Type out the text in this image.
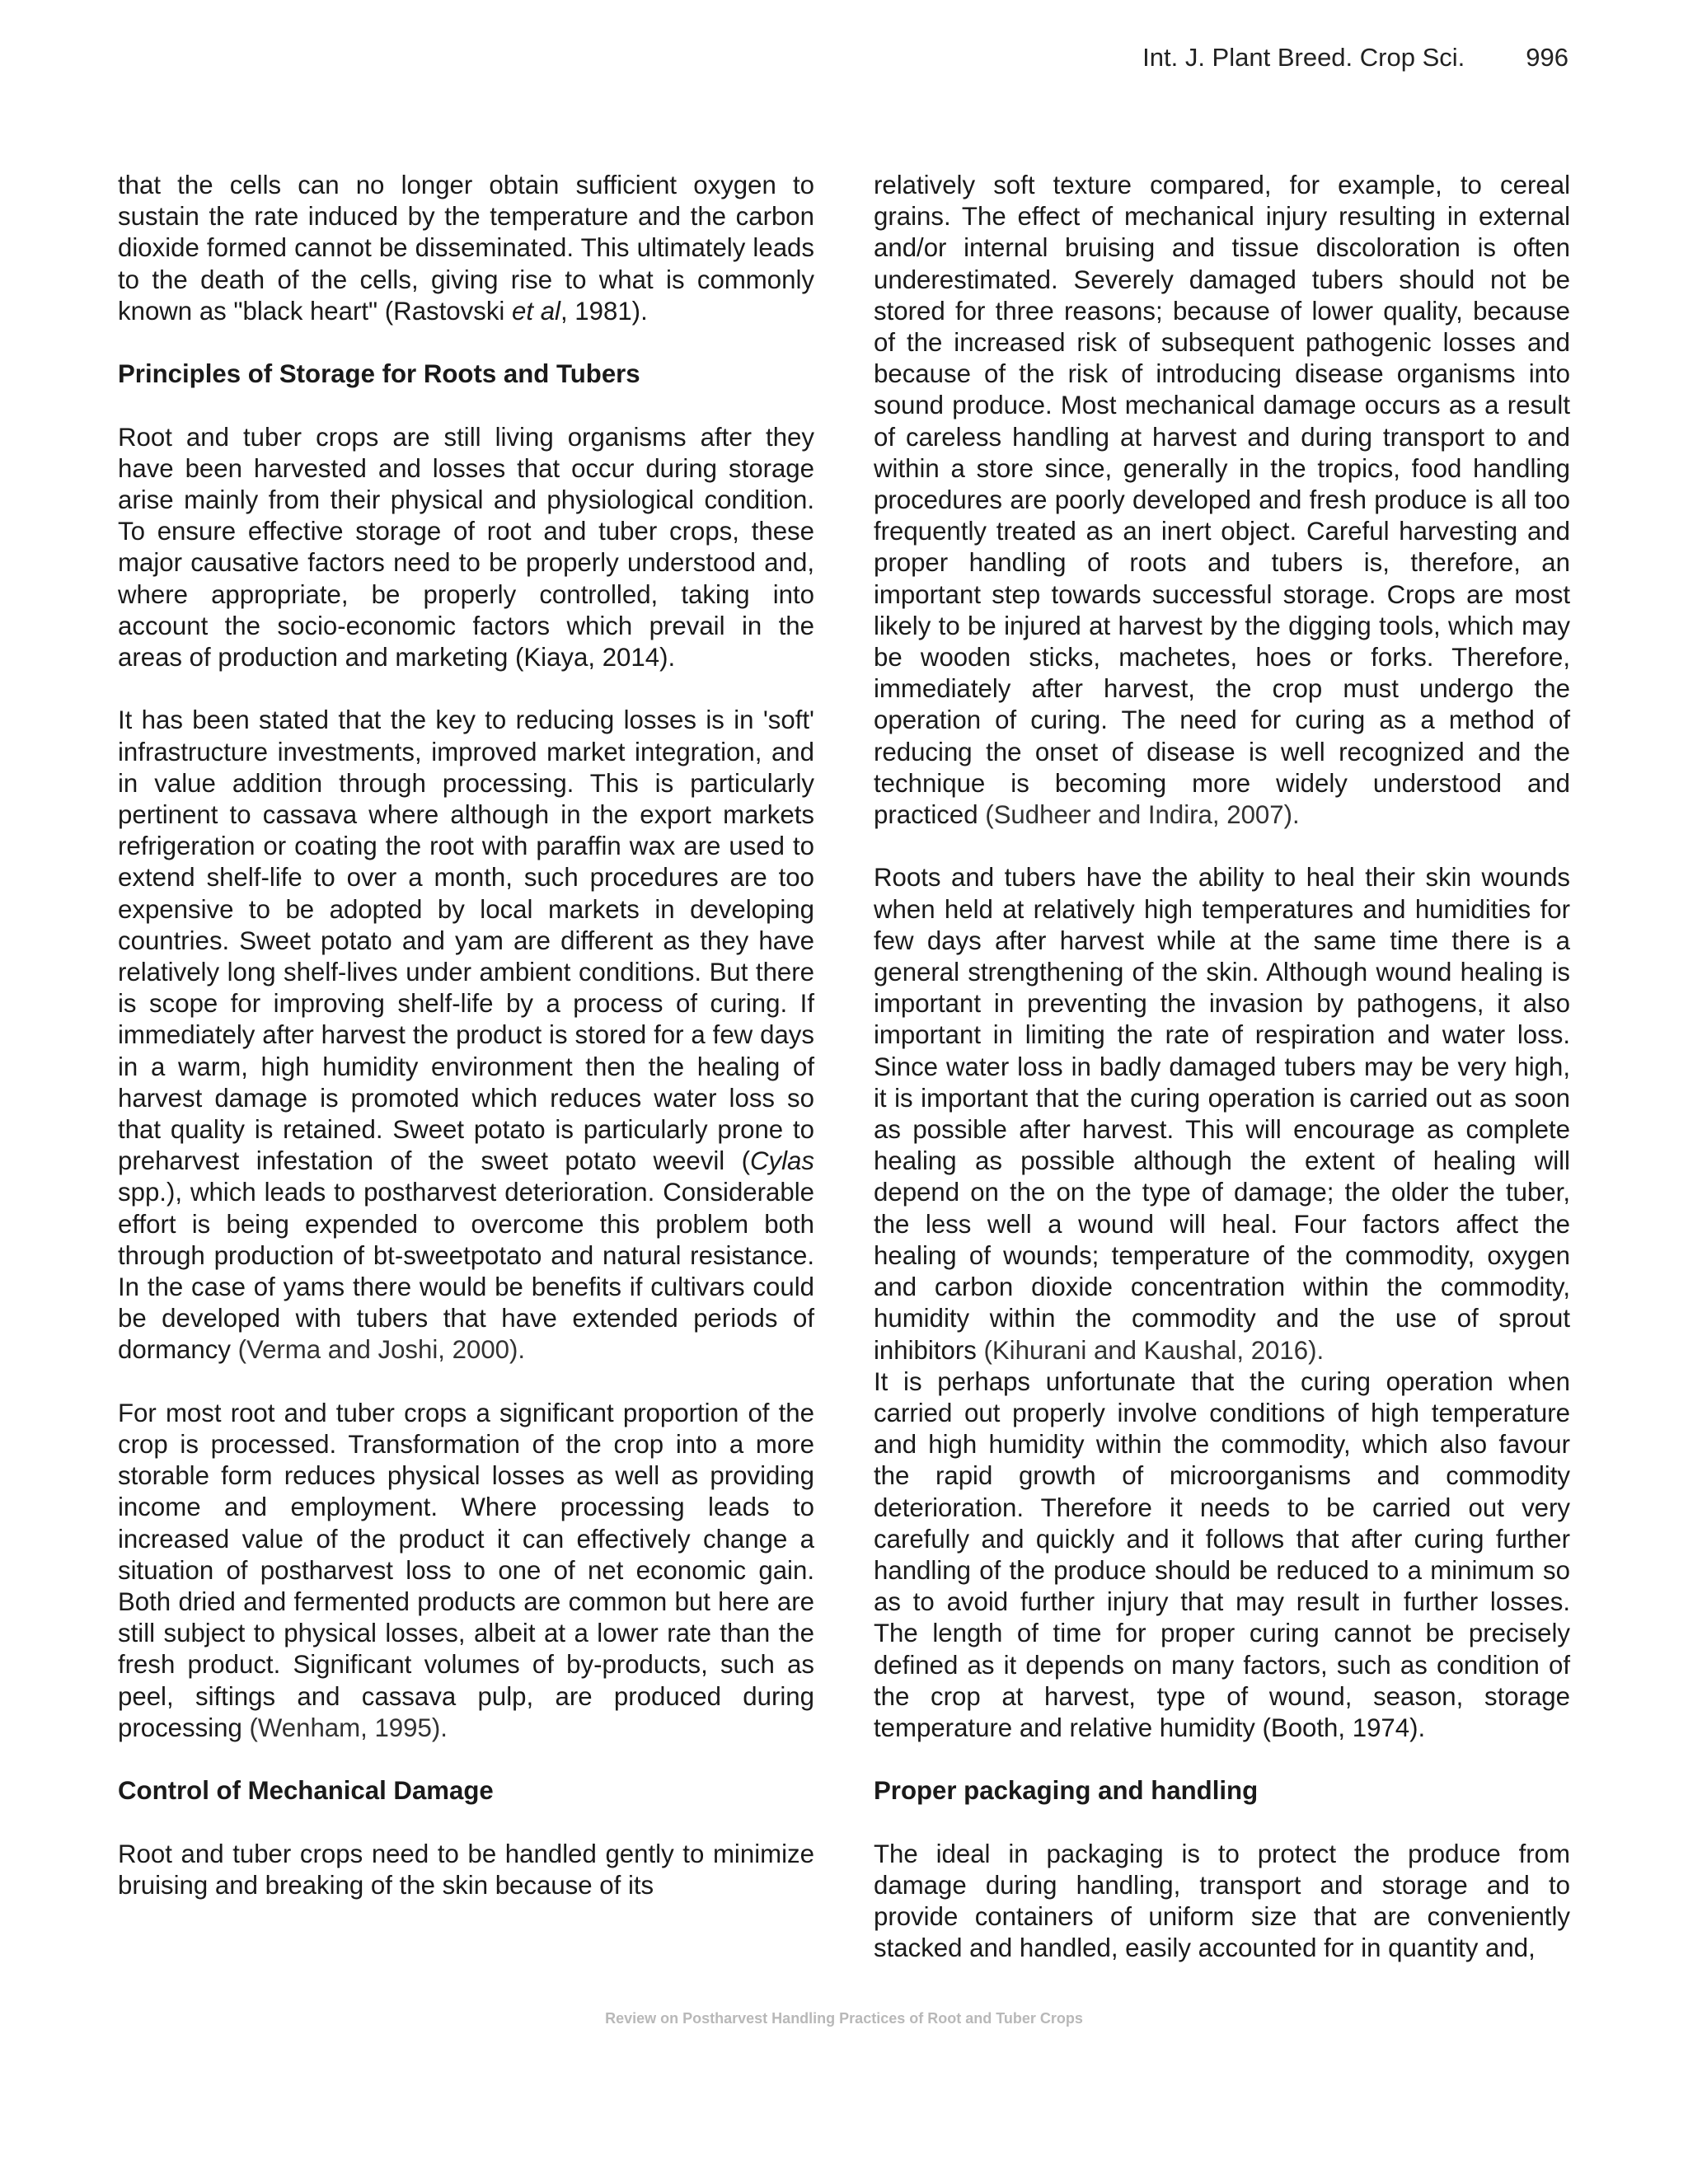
Int. J. Plant Breed. Crop Sci. 996

that the cells can no longer obtain sufficient oxygen to sustain the rate induced by the temperature and the carbon dioxide formed cannot be disseminated. This ultimately leads to the death of the cells, giving rise to what is commonly known as "black heart" (Rastovski et al, 1981).

Principles of Storage for Roots and Tubers

Root and tuber crops are still living organisms after they have been harvested and losses that occur during storage arise mainly from their physical and physiological condition. To ensure effective storage of root and tuber crops, these major causative factors need to be properly understood and, where appropriate, be properly controlled, taking into account the socio-economic factors which prevail in the areas of production and marketing (Kiaya, 2014).

It has been stated that the key to reducing losses is in 'soft' infrastructure investments, improved market integration, and in value addition through processing. This is particularly pertinent to cassava where although in the export markets refrigeration or coating the root with paraffin wax are used to extend shelf-life to over a month, such procedures are too expensive to be adopted by local markets in developing countries. Sweet potato and yam are different as they have relatively long shelf-lives under ambient conditions. But there is scope for improving shelf-life by a process of curing. If immediately after harvest the product is stored for a few days in a warm, high humidity environment then the healing of harvest damage is promoted which reduces water loss so that quality is retained. Sweet potato is particularly prone to preharvest infestation of the sweet potato weevil (Cylas spp.), which leads to postharvest deterioration. Considerable effort is being expended to overcome this problem both through production of bt-sweetpotato and natural resistance. In the case of yams there would be benefits if cultivars could be developed with tubers that have extended periods of dormancy (Verma and Joshi, 2000).

For most root and tuber crops a significant proportion of the crop is processed. Transformation of the crop into a more storable form reduces physical losses as well as providing income and employment. Where processing leads to increased value of the product it can effectively change a situation of postharvest loss to one of net economic gain. Both dried and fermented products are common but here are still subject to physical losses, albeit at a lower rate than the fresh product. Significant volumes of by-products, such as peel, siftings and cassava pulp, are produced during processing (Wenham, 1995).

Control of Mechanical Damage

Root and tuber crops need to be handled gently to minimize bruising and breaking of the skin because of its

relatively soft texture compared, for example, to cereal grains. The effect of mechanical injury resulting in external and/or internal bruising and tissue discoloration is often underestimated. Severely damaged tubers should not be stored for three reasons; because of lower quality, because of the increased risk of subsequent pathogenic losses and because of the risk of introducing disease organisms into sound produce. Most mechanical damage occurs as a result of careless handling at harvest and during transport to and within a store since, generally in the tropics, food handling procedures are poorly developed and fresh produce is all too frequently treated as an inert object. Careful harvesting and proper handling of roots and tubers is, therefore, an important step towards successful storage. Crops are most likely to be injured at harvest by the digging tools, which may be wooden sticks, machetes, hoes or forks. Therefore, immediately after harvest, the crop must undergo the operation of curing. The need for curing as a method of reducing the onset of disease is well recognized and the technique is becoming more widely understood and practiced (Sudheer and Indira, 2007).

Roots and tubers have the ability to heal their skin wounds when held at relatively high temperatures and humidities for few days after harvest while at the same time there is a general strengthening of the skin. Although wound healing is important in preventing the invasion by pathogens, it also important in limiting the rate of respiration and water loss. Since water loss in badly damaged tubers may be very high, it is important that the curing operation is carried out as soon as possible after harvest. This will encourage as complete healing as possible although the extent of healing will depend on the on the type of damage; the older the tuber, the less well a wound will heal. Four factors affect the healing of wounds; temperature of the commodity, oxygen and carbon dioxide concentration within the commodity, humidity within the commodity and the use of sprout inhibitors (Kihurani and Kaushal, 2016).

It is perhaps unfortunate that the curing operation when carried out properly involve conditions of high temperature and high humidity within the commodity, which also favour the rapid growth of microorganisms and commodity deterioration. Therefore it needs to be carried out very carefully and quickly and it follows that after curing further handling of the produce should be reduced to a minimum so as to avoid further injury that may result in further losses. The length of time for proper curing cannot be precisely defined as it depends on many factors, such as condition of the crop at harvest, type of wound, season, storage temperature and relative humidity (Booth, 1974).

Proper packaging and handling

The ideal in packaging is to protect the produce from damage during handling, transport and storage and to provide containers of uniform size that are conveniently stacked and handled, easily accounted for in quantity and,

Review on Postharvest Handling Practices of Root and Tuber Crops
